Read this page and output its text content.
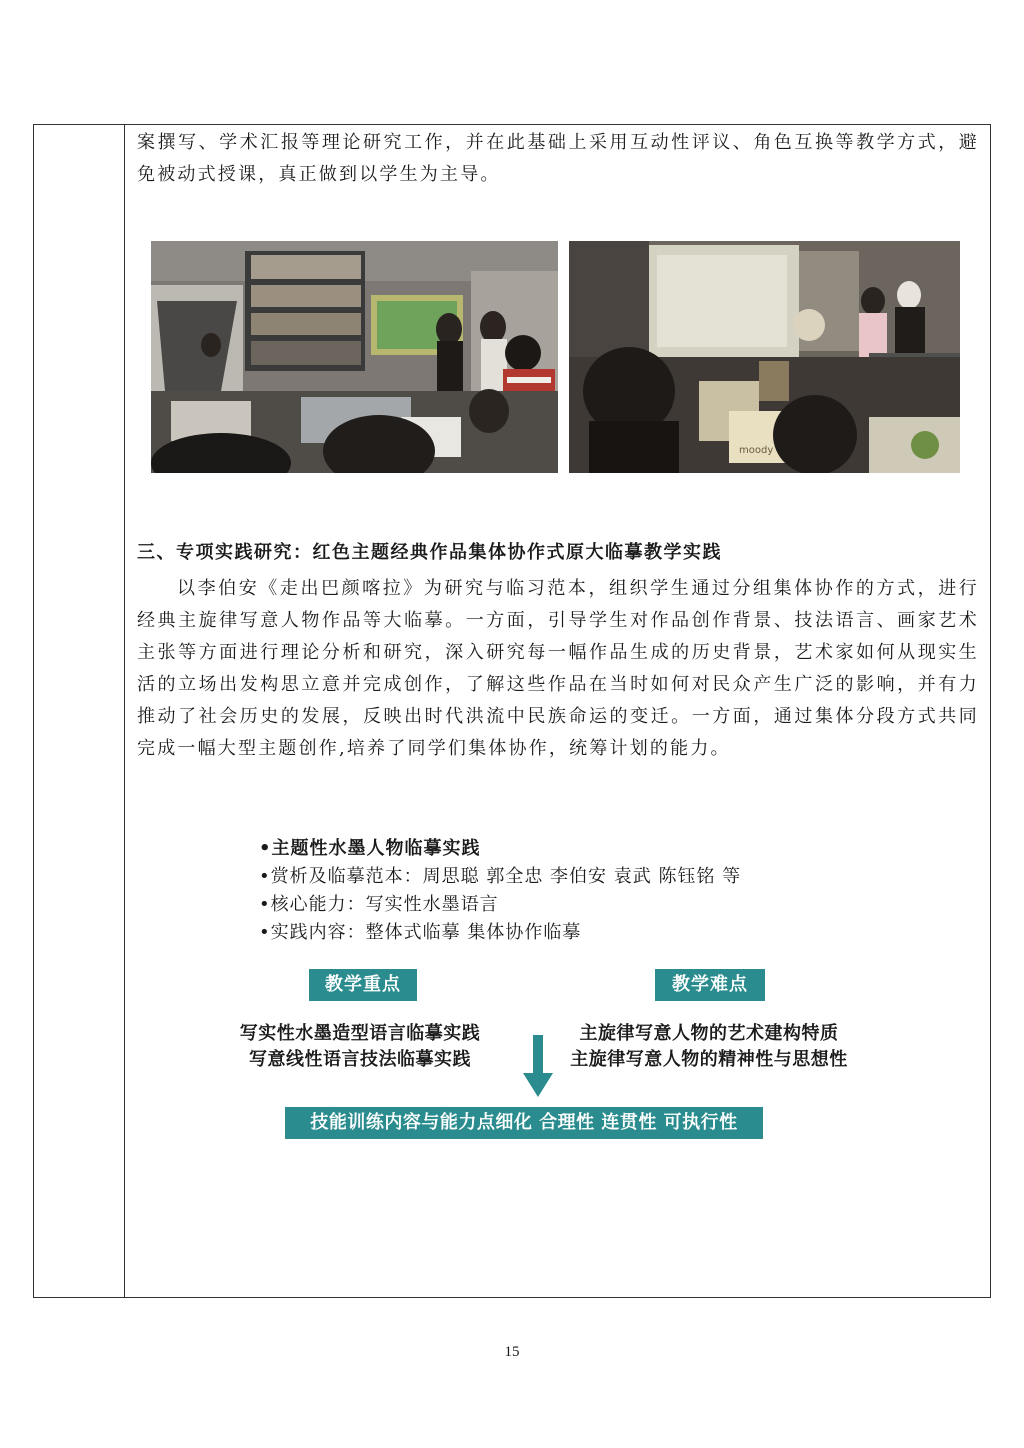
案撰写、学术汇报等理论研究工作，并在此基础上采用互动性评议、角色互换等教学方式，避免被动式授课，真正做到以学生为主导。

moody
三、专项实践研究：红色主题经典作品集体协作式原大临摹教学实践

以李伯安《走出巴颜喀拉》为研究与临习范本，组织学生通过分组集体协作的方式，进行经典主旋律写意人物作品等大临摹。一方面，引导学生对作品创作背景、技法语言、画家艺术主张等方面进行理论分析和研究，深入研究每一幅作品生成的历史背景，艺术家如何从现实生活的立场出发构思立意并完成创作，了解这些作品在当时如何对民众产生广泛的影响，并有力推动了社会历史的发展，反映出时代洪流中民族命运的变迁。一方面，通过集体分段方式共同完成一幅大型主题创作,培养了同学们集体协作，统筹计划的能力。

•主题性水墨人物临摹实践
•赏析及临摹范本：周思聪 郭全忠 李伯安 袁武 陈钰铭 等
•核心能力：写实性水墨语言
•实践内容：整体式临摹 集体协作临摹
教学重点	教学难点
写实性水墨造型语言临摹实践
写意线性语言技法临摹实践
主旋律写意人物的艺术建构特质
主旋律写意人物的精神性与思想性
技能训练内容与能力点细化 合理性 连贯性 可执行性
15
